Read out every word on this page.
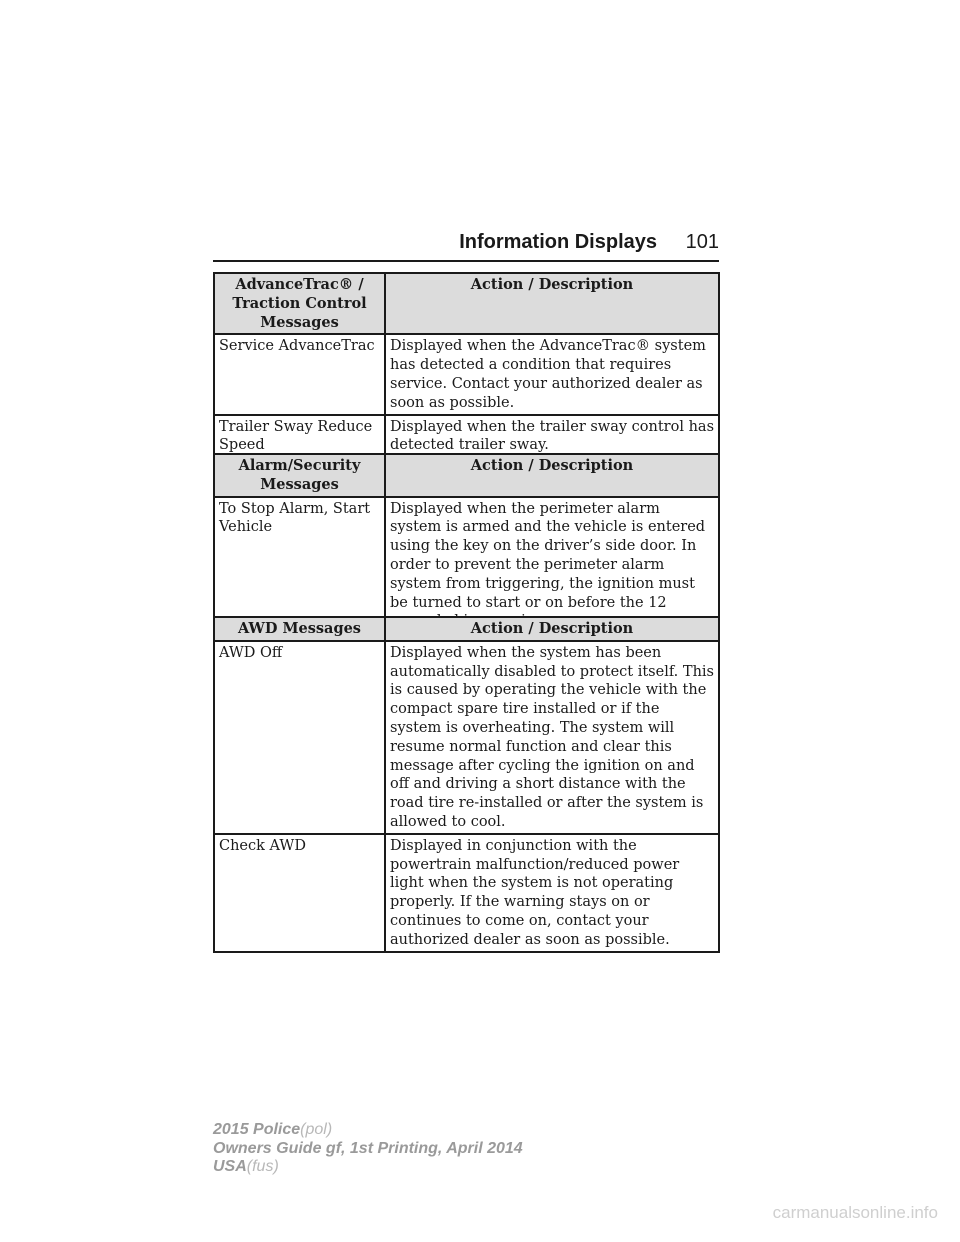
Information Displays 101
AdvanceTrac® / Traction Control Messages	Action / Description
Service AdvanceTrac	Displayed when the AdvanceTrac® system has detected a condition that requires service. Contact your authorized dealer as soon as possible.
Trailer Sway Reduce Speed	Displayed when the trailer sway control has detected trailer sway.
Alarm/Security Messages	Action / Description
To Stop Alarm, Start Vehicle	Displayed when the perimeter alarm system is armed and the vehicle is entered using the key on the driver’s side door. In order to prevent the perimeter alarm system from triggering, the ignition must be turned to start or on before the 12
AWD Messages	Action / Description
AWD Off	Displayed when the system has been automatically disabled to protect itself. This is caused by operating the vehicle with the compact spare tire installed or if the system is overheating. The system will resume normal function and clear this message after cycling the ignition on and off and driving a short distance with the road tire re-installed or after the system is allowed to cool.
Check AWD	Displayed in conjunction with the powertrain malfunction/reduced power light when the system is not operating properly. If the warning stays on or continues to come on, contact your authorized dealer as soon as possible.
2015 Police(pol)
Owners Guide gf, 1st Printing, April 2014
USA(fus)
carmanualsonline.info
